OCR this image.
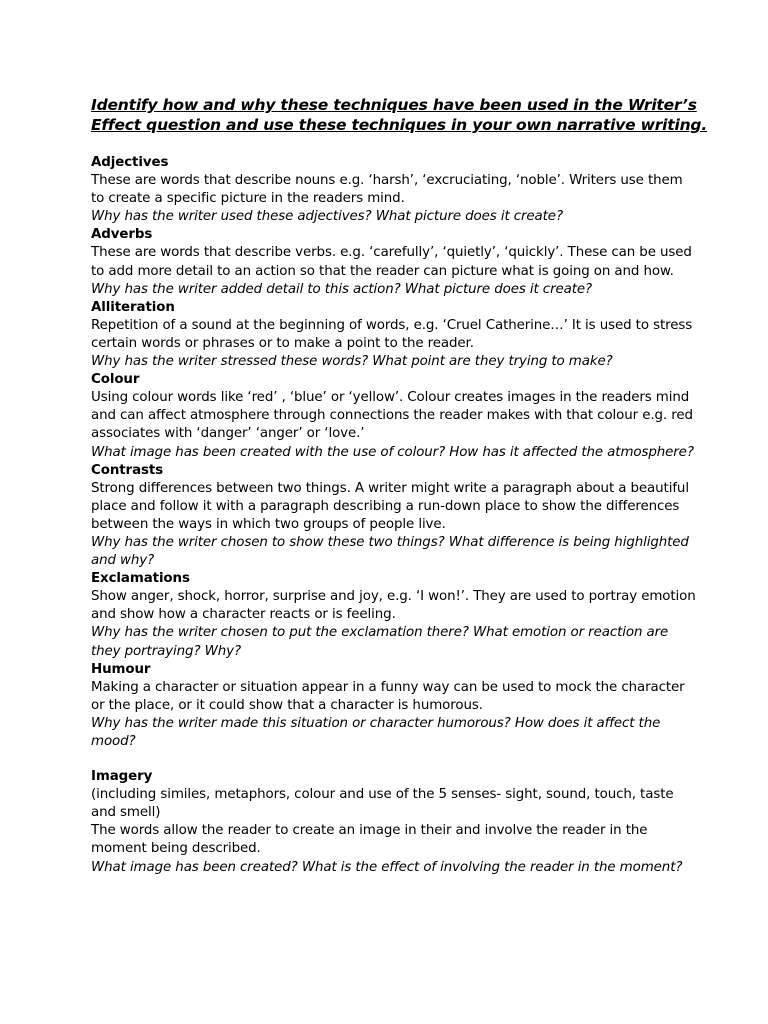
Identify how and why these techniques have been used in the Writer’s
Effect question and use these techniques in your own narrative writing.

Adjectives

These are words that describe nouns e.g. ‘harsh’, ‘excruciating, ‘noble’. Writers use them to create a specific picture in the readers mind.

Why has the writer used these adjectives? What picture does it create?

Adverbs

These are words that describe verbs. e.g. ‘carefully’, ‘quietly’, ‘quickly’. These can be used to add more detail to an action so that the reader can picture what is going on and how.

Why has the writer added detail to this action? What picture does it create?

Alliteration

Repetition of a sound at the beginning of words, e.g. ‘Cruel Catherine…’ It is used to stress certain words or phrases or to make a point to the reader.

Why has the writer stressed these words? What point are they trying to make?

Colour

Using colour words like ‘red’ , ‘blue’ or ‘yellow’. Colour creates images in the readers mind and can affect atmosphere through connections the reader makes with that colour e.g. red associates with ‘danger’ ‘anger’ or ‘love.’

What image has been created with the use of colour? How has it affected the atmosphere?

Contrasts

Strong differences between two things. A writer might write a paragraph about a beautiful place and follow it with a paragraph describing a run-down place to show the differences between the ways in which two groups of people live.

Why has the writer chosen to show these two things? What difference is being highlighted and why?

Exclamations

Show anger, shock, horror, surprise and joy, e.g. ‘I won!’. They are used to portray emotion and show how a character reacts or is feeling.

Why has the writer chosen to put the exclamation there? What emotion or reaction are they portraying? Why?

Humour

Making a character or situation appear in a funny way can be used to mock the character or the place, or it could show that a character is humorous.

Why has the writer made this situation or character humorous? How does it affect the mood?

Imagery

(including similes, metaphors, colour and use of the 5 senses- sight, sound, touch, taste and smell)

The words allow the reader to create an image in their and involve the reader in the moment being described.

What image has been created? What is the effect of involving the reader in the moment?
